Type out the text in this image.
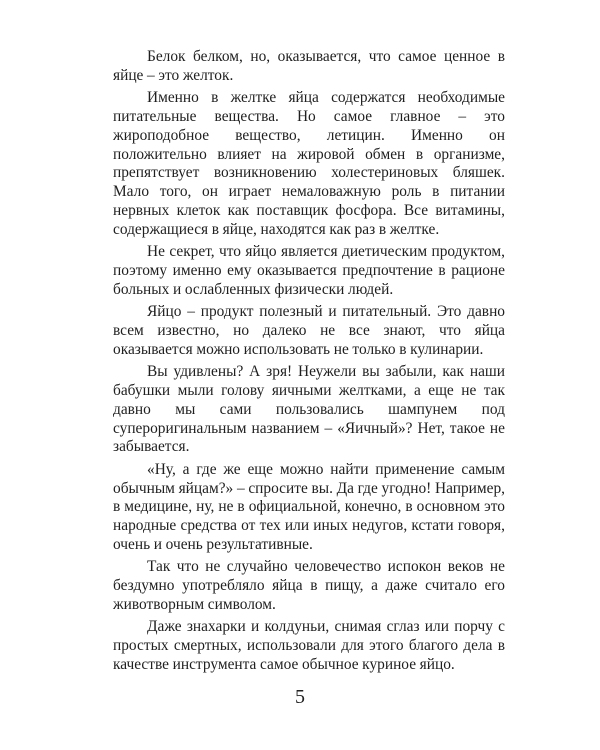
Белок белком, но, оказывается, что самое ценное в яйце – это желток.

Именно в желтке яйца содержатся необходимые питательные вещества. Но самое главное – это жироподобное вещество, летицин. Именно он положительно влияет на жировой обмен в организме, препятствует возникновению холестериновых бляшек. Мало того, он играет немаловажную роль в питании нервных клеток как поставщик фосфора. Все витамины, содержащиеся в яйце, находятся как раз в желтке.

Не секрет, что яйцо является диетическим продуктом, поэтому именно ему оказывается предпочтение в рационе больных и ослабленных физически людей.

Яйцо – продукт полезный и питательный. Это давно всем известно, но далеко не все знают, что яйца оказывается можно использовать не только в кулинарии.

Вы удивлены? А зря! Неужели вы забыли, как наши бабушки мыли голову яичными желтками, а еще не так давно мы сами пользовались шампунем под супероригинальным названием – «Яичный»? Нет, такое не забывается.

«Ну, а где же еще можно найти применение самым обычным яйцам?» – спросите вы. Да где угодно! Например, в медицине, ну, не в официальной, конечно, в основном это народные средства от тех или иных недугов, кстати говоря, очень и очень результативные.

Так что не случайно человечество испокон веков не бездумно употребляло яйца в пищу, а даже считало его животворным символом.

Даже знахарки и колдуньи, снимая сглаз или порчу с простых смертных, использовали для этого благого дела в качестве инструмента самое обычное куриное яйцо.

5
